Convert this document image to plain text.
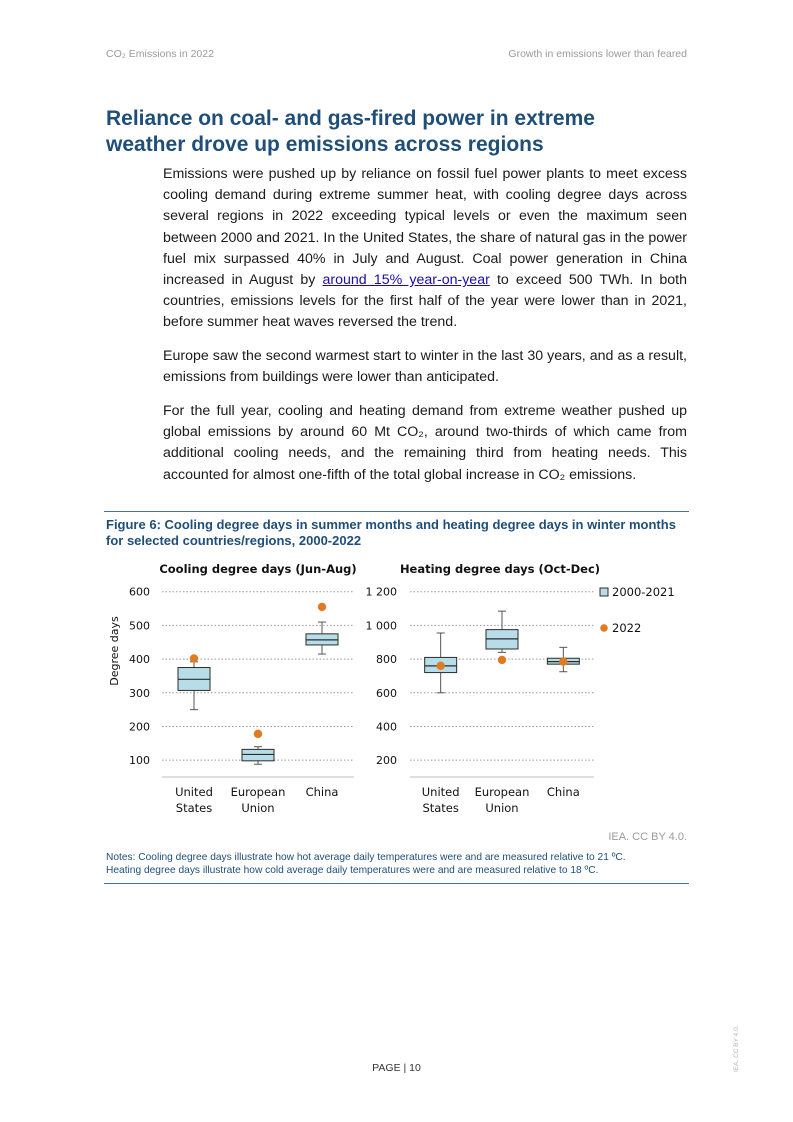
CO₂ Emissions in 2022	Growth in emissions lower than feared
Reliance on coal- and gas-fired power in extreme weather drove up emissions across regions

Emissions were pushed up by reliance on fossil fuel power plants to meet excess cooling demand during extreme summer heat, with cooling degree days across several regions in 2022 exceeding typical levels or even the maximum seen between 2000 and 2021. In the United States, the share of natural gas in the power fuel mix surpassed 40% in July and August. Coal power generation in China increased in August by around 15% year-on-year to exceed 500 TWh. In both countries, emissions levels for the first half of the year were lower than in 2021, before summer heat waves reversed the trend.

Europe saw the second warmest start to winter in the last 30 years, and as a result, emissions from buildings were lower than anticipated.

For the full year, cooling and heating demand from extreme weather pushed up global emissions by around 60 Mt CO₂, around two-thirds of which came from additional cooling needs, and the remaining third from heating needs. This accounted for almost one-fifth of the total global increase in CO₂ emissions.

Figure 6: Cooling degree days in summer months and heating degree days in winter months for selected countries/regions, 2000-2022
Cooling degree days (Jun-Aug)
100
200
300
400
500
600
Degree days
United
States
European
Union
China
Heating degree days (Oct-Dec)
200
400
600
800
1 000
1 200
United
States
European
Union
China
2000-2021
2022
IEA. CC BY 4.0.
Notes: Cooling degree days illustrate how hot average daily temperatures were and are measured relative to 21 ºC.
Heating degree days illustrate how cold average daily temperatures were and are measured relative to 18 ºC.
PAGE | 10	IEA. CC BY 4.0.
